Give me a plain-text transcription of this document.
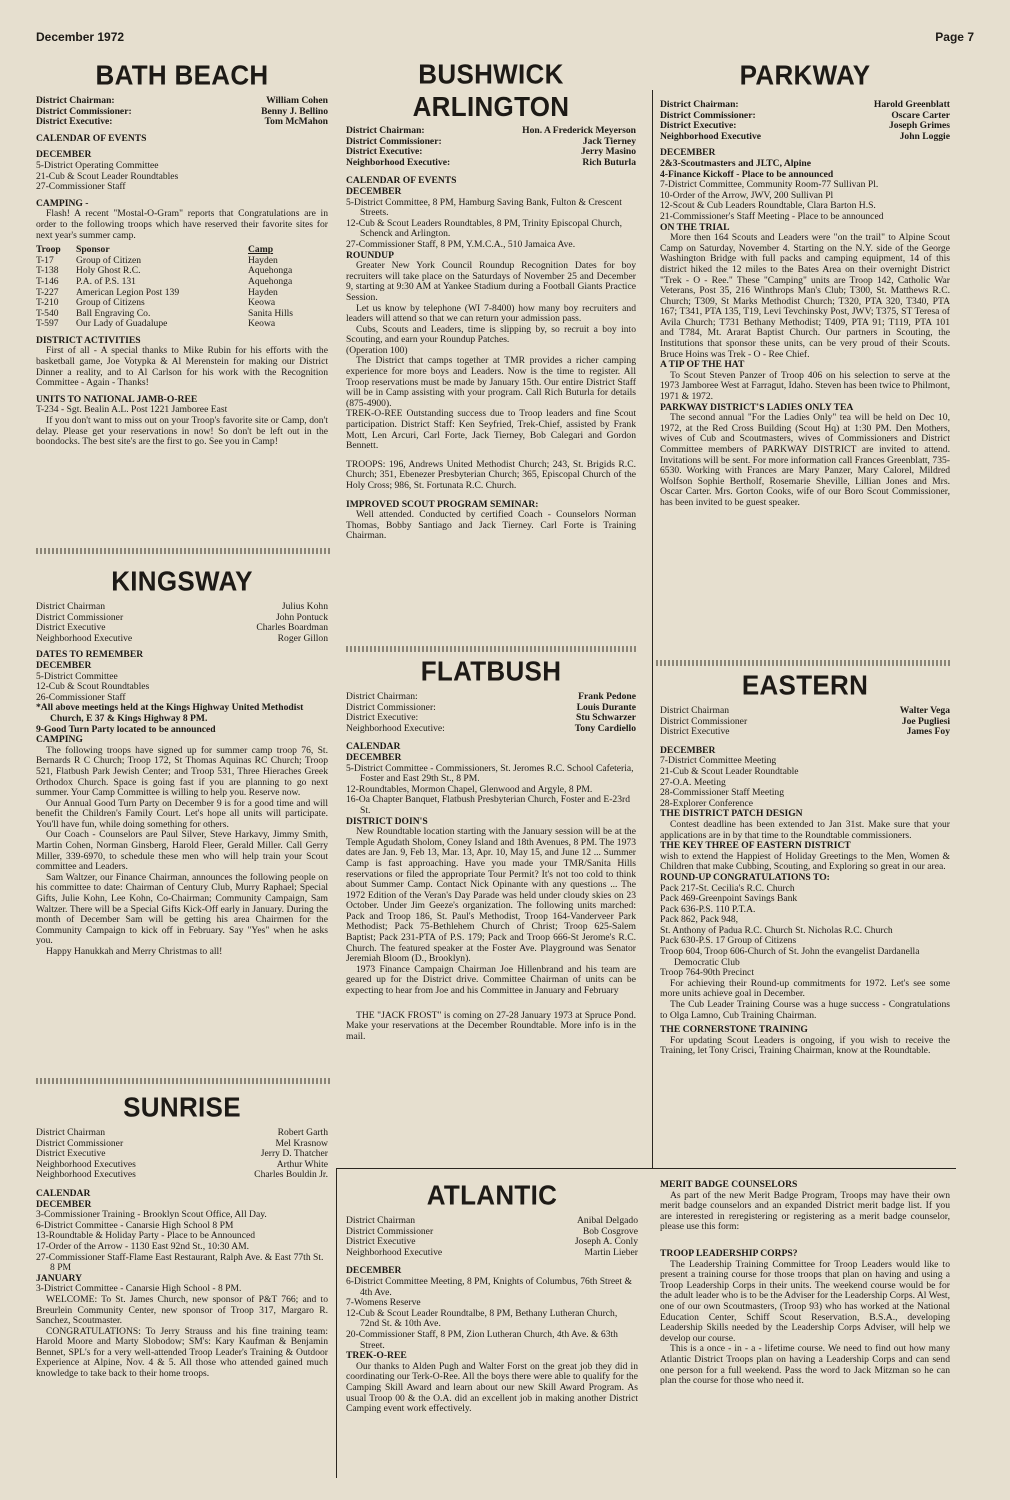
December 1972	Page 7
BATH BEACH
District Chairman:	William Cohen
District Commissioner:	Benny J. Bellino
District Executive:	Tom McMahon
CALENDAR OF EVENTS
DECEMBER
5-District Operating Committee
21-Cub & Scout Leader Roundtables
27-Commissioner Staff
CAMPING -

Flash! A recent "Mostal-O-Gram" reports that Congratulations are in order to the following troops which have reserved their favorite sites for next year's summer camp.

Troop	Sponsor	Camp
T-17	Group of Citizen	Hayden
T-138	Holy Ghost R.C.	Aquehonga
T-146	P.A. of P.S. 131	Aquehonga
T-227	American Legion Post 139	Hayden
T-210	Group of Citizens	Keowa
T-540	Ball Engraving Co.	Sanita Hills
T-597	Our Lady of Guadalupe	Keowa
DISTRICT ACTIVITIES

First of all - A special thanks to Mike Rubin for his efforts with the basketball game, Joe Votypka & Al Merenstein for making our District Dinner a reality, and to Al Carlson for his work with the Recognition Committee - Again - Thanks!

UNITS TO NATIONAL JAMB-O-REE
T-234 - Sgt. Bealin A.L. Post 1221 Jamboree East

If you don't want to miss out on your Troop's favorite site or Camp, don't delay. Please get your reservations in now! So don't be left out in the boondocks. The best site's are the first to go. See you in Camp!

KINGSWAY
District Chairman	Julius Kohn
District Commissioner	John Pontuck
District Executive	Charles Boardman
Neighborhood Executive	Roger Gillon
DATES TO REMEMBER
DECEMBER
5-District Committee
12-Cub & Scout Roundtables
26-Commissioner Staff
*All above meetings held at the Kings Highway United Methodist Church, E 37 & Kings Highway 8 PM.
9-Good Turn Party located to be announced
CAMPING

The following troops have signed up for summer camp troop 76, St. Bernards R C Church; Troop 172, St Thomas Aquinas RC Church; Troop 521, Flatbush Park Jewish Center; and Troop 531, Three Hieraches Greek Orthodox Church. Space is going fast if you are planning to go next summer. Your Camp Committee is willing to help you. Reserve now.

Our Annual Good Turn Party on December 9 is for a good time and will benefit the Children's Family Court. Let's hope all units will participate. You'll have fun, while doing something for others.

Our Coach - Counselors are Paul Silver, Steve Harkavy, Jimmy Smith, Martin Cohen, Norman Ginsberg, Harold Fleer, Gerald Miller. Call Gerry Miller, 339-6970, to schedule these men who will help train your Scout committee and Leaders.

Sam Waltzer, our Finance Chairman, announces the following people on his committee to date: Chairman of Century Club, Murry Raphael; Special Gifts, Julie Kohn, Lee Kohn, Co-Chairman; Community Campaign, Sam Waltzer. There will be a Special Gifts Kick-Off early in January. During the month of December Sam will be getting his area Chairmen for the Community Campaign to kick off in February. Say "Yes" when he asks you.

Happy Hanukkah and Merry Christmas to all!

SUNRISE
District Chairman	Robert Garth
District Commissioner	Mel Krasnow
District Executive	Jerry D. Thatcher
Neighborhood Executives	Arthur White
Neighborhood Executives	Charles Bouldin Jr.
CALENDAR
DECEMBER
3-Commissioner Training - Brooklyn Scout Office, All Day.
6-District Committee - Canarsie High School 8 PM
13-Roundtable & Holiday Party - Place to be Announced
17-Order of the Arrow - 1130 East 92nd St., 10:30 AM.
27-Commissioner Staff-Flame East Restaurant, Ralph Ave. & East 77th St. 8 PM
JANUARY
3-District Committee - Canarsie High School - 8 PM.

WELCOME: To St. James Church, new sponsor of P&T 766; and to Breurlein Community Center, new sponsor of Troop 317, Margaro R. Sanchez, Scoutmaster.

CONGRATULATIONS: To Jerry Strauss and his fine training team: Harold Moore and Marty Slobodow; SM's: Kary Kaufman & Benjamin Bennet, SPL's for a very well-attended Troop Leader's Training & Outdoor Experience at Alpine, Nov. 4 & 5. All those who attended gained much knowledge to take back to their home troops.

BUSHWICK ARLINGTON
District Chairman:	Hon. A Frederick Meyerson
District Commissioner:	Jack Tierney
District Executive:	Jerry Masino
Neighborhood Executive:	Rich Buturla
CALENDAR OF EVENTS
DECEMBER
5-District Committee, 8 PM, Hamburg Saving Bank, Fulton & Crescent Streets.
12-Cub & Scout Leaders Roundtables, 8 PM, Trinity Episcopal Church, Schenck and Arlington.
27-Commissioner Staff, 8 PM, Y.M.C.A., 510 Jamaica Ave.
ROUNDUP

Greater New York Council Roundup Recognition Dates for boy recruiters will take place on the Saturdays of November 25 and December 9, starting at 9:30 AM at Yankee Stadium during a Football Giants Practice Session.

Let us know by telephone (WI 7-8400) how many boy recruiters and leaders will attend so that we can return your admission pass.

Cubs, Scouts and Leaders, time is slipping by, so recruit a boy into Scouting, and earn your Roundup Patches.

(Operation 100)

The District that camps together at TMR provides a richer camping experience for more boys and Leaders. Now is the time to register. All Troop reservations must be made by January 15th. Our entire District Staff will be in Camp assisting with your program. Call Rich Buturla for details (875-4900).

TREK-O-REE Outstanding success due to Troop leaders and fine Scout participation. District Staff: Ken Seyfried, Trek-Chief, assisted by Frank Mott, Len Arcuri, Carl Forte, Jack Tierney, Bob Calegari and Gordon Bennett.

TROOPS: 196, Andrews United Methodist Church; 243, St. Brigids R.C. Church; 351, Ebenezer Presbyterian Church; 365, Episcopal Church of the Holy Cross; 986, St. Fortunata R.C. Church.

IMPROVED SCOUT PROGRAM SEMINAR:

Well attended. Conducted by certified Coach - Counselors Norman Thomas, Bobby Santiago and Jack Tierney. Carl Forte is Training Chairman.

FLATBUSH
District Chairman:	Frank Pedone
District Commissioner:	Louis Durante
District Executive:	Stu Schwarzer
Neighborhood Executive:	Tony Cardiello
CALENDAR
DECEMBER
5-District Committee - Commissioners, St. Jeromes R.C. School Cafeteria, Foster and East 29th St., 8 PM.
12-Roundtables, Mormon Chapel, Glenwood and Argyle, 8 PM.
16-Oa Chapter Banquet, Flatbush Presbyterian Church, Foster and E-23rd St.
DISTRICT DOIN'S

New Roundtable location starting with the January session will be at the Temple Agudath Sholom, Coney Island and 18th Avenues, 8 PM. The 1973 dates are Jan. 9, Feb 13, Mar. 13, Apr. 10, May 15, and June 12 ... Summer Camp is fast approaching. Have you made your TMR/Sanita Hills reservations or filed the appropriate Tour Permit? It's not too cold to think about Summer Camp. Contact Nick Opinante with any questions ... The 1972 Edition of the Veran's Day Parade was held under cloudy skies on 23 October. Under Jim Geeze's organization. The following units marched: Pack and Troop 186, St. Paul's Methodist, Troop 164-Vanderveer Park Methodist; Pack 75-Bethlehem Church of Christ; Troop 625-Salem Baptist; Pack 231-PTA of P.S. 179; Pack and Troop 666-St Jerome's R.C. Church. The featured speaker at the Foster Ave. Playground was Senator Jeremiah Bloom (D., Brooklyn).

1973 Finance Campaign Chairman Joe Hillenbrand and his team are geared up for the District drive. Committee Chairman of units can be expecting to hear from Joe and his Committee in January and February

THE "JACK FROST" is coming on 27-28 January 1973 at Spruce Pond. Make your reservations at the December Roundtable. More info is in the mail.

PARKWAY
District Chairman:	Harold Greenblatt
District Commissioner:	Oscare Carter
District Executive:	Joseph Grimes
Neighborhood Executive	John Loggie
DECEMBER
2&3-Scoutmasters and JLTC, Alpine
4-Finance Kickoff - Place to be announced
7-District Committee, Community Room-77 Sullivan Pl.
10-Order of the Arrow, JWV, 200 Sullivan Pl
12-Scout & Cub Leaders Roundtable, Clara Barton H.S.
21-Commissioner's Staff Meeting - Place to be announced
ON THE TRIAL

More then 164 Scouts and Leaders were "on the trail" to Alpine Scout Camp on Saturday, November 4. Starting on the N.Y. side of the George Washington Bridge with full packs and camping equipment, 14 of this district hiked the 12 miles to the Bates Area on their overnight District "Trek - O - Ree." These "Camping" units are Troop 142, Catholic War Veterans, Post 35, 216 Winthrops Man's Club; T300, St. Matthews R.C. Church; T309, St Marks Methodist Church; T320, PTA 320, T340, PTA 167; T341, PTA 135, T19, Levi Tevchinsky Post, JWV; T375, ST Teresa of Avila Church; T731 Bethany Methodist; T409, PTA 91; T119, PTA 101 and T784, Mt. Ararat Baptist Church. Our partners in Scouting, the Institutions that sponsor these units, can be very proud of their Scouts. Bruce Hoins was Trek - O - Ree Chief.

A TIP OF THE HAT

To Scout Steven Panzer of Troop 406 on his selection to serve at the 1973 Jamboree West at Farragut, Idaho. Steven has been twice to Philmont, 1971 & 1972.

PARKWAY DISTRICT'S LADIES ONLY TEA

The second annual "For the Ladies Only" tea will be held on Dec 10, 1972, at the Red Cross Building (Scout Hq) at 1:30 PM. Den Mothers, wives of Cub and Scoutmasters, wives of Commissioners and District Committee members of PARKWAY DISTRICT are invited to attend. Invitations will be sent. For more information call Frances Greenblatt, 735-6530. Working with Frances are Mary Panzer, Mary Calorel, Mildred Wolfson Sophie Bertholf, Rosemarie Sheville, Lillian Jones and Mrs. Oscar Carter. Mrs. Gorton Cooks, wife of our Boro Scout Commissioner, has been invited to be guest speaker.

EASTERN
District Chairman	Walter Vega
District Commissioner	Joe Pugliesi
District Executive	James Foy
DECEMBER
7-District Committee Meeting
21-Cub & Scout Leader Roundtable
27-O.A. Meeting
28-Commissioner Staff Meeting
28-Explorer Conference
THE DISTRICT PATCH DESIGN

Contest deadline has been extended to Jan 31st. Make sure that your applications are in by that time to the Roundtable commissioners.

THE KEY THREE OF EASTERN DISTRICT

wish to extend the Happiest of Holiday Greetings to the Men, Women & Children that make Cubbing, Scouting, and Exploring so great in our area.

ROUND-UP CONGRATULATIONS TO:
Pack 217-St. Cecilia's R.C. Church
Pack 469-Greenpoint Savings Bank
Pack 636-P.S. 110 P.T.A.
Pack 862, Pack 948,
St. Anthony of Padua R.C. Church St. Nicholas R.C. Church
Pack 630-P.S. 17 Group of Citizens
Troop 604, Troop 606-Church of St. John the evangelist Dardanella Democratic Club
Troop 764-90th Precinct

For achieving their Round-up commitments for 1972. Let's see some more units achieve goal in December.

The Cub Leader Training Course was a huge success - Congratulations to Olga Lamno, Cub Training Chairman.

THE CORNERSTONE TRAINING

For updating Scout Leaders is ongoing, if you wish to receive the Training, let Tony Crisci, Training Chairman, know at the Roundtable.

ATLANTIC
District Chairman	Anibal Delgado
District Commissioner	Bob Cosgrove
District Executive	Joseph A. Conly
Neighborhood Executive	Martin Lieber
DECEMBER
6-District Committee Meeting, 8 PM, Knights of Columbus, 76th Street & 4th Ave.
7-Womens Reserve
12-Cub & Scout Leader Roundtalbe, 8 PM, Bethany Lutheran Church, 72nd St. & 10th Ave.
20-Commissioner Staff, 8 PM, Zion Lutheran Church, 4th Ave. & 63th Street.
TREK-O-REE

Our thanks to Alden Pugh and Walter Forst on the great job they did in coordinating our Terk-O-Ree. All the boys there were able to qualify for the Camping Skill Award and learn about our new Skill Award Program. As usual Troop 00 & the O.A. did an excellent job in making another District Camping event work effectively.

MERIT BADGE COUNSELORS

As part of the new Merit Badge Program, Troops may have their own merit badge counselors and an expanded District merit badge list. If you are interested in reregistering or registering as a merit badge counselor, please use this form:

TROOP LEADERSHIP CORPS?

The Leadership Training Committee for Troop Leaders would like to present a training course for those troops that plan on having and using a Troop Leadership Corps in their units. The weekend course would be for the adult leader who is to be the Adviser for the Leadership Corps. Al West, one of our own Scoutmasters, (Troop 93) who has worked at the National Education Center, Schiff Scout Reservation, B.S.A., developing Leadership Skills needed by the Leadership Corps Adviser, will help we develop our course.

This is a once - in - a - lifetime course. We need to find out how many Atlantic District Troops plan on having a Leadership Corps and can send one person for a full weekend. Pass the word to Jack Mitzman so he can plan the course for those who need it.
